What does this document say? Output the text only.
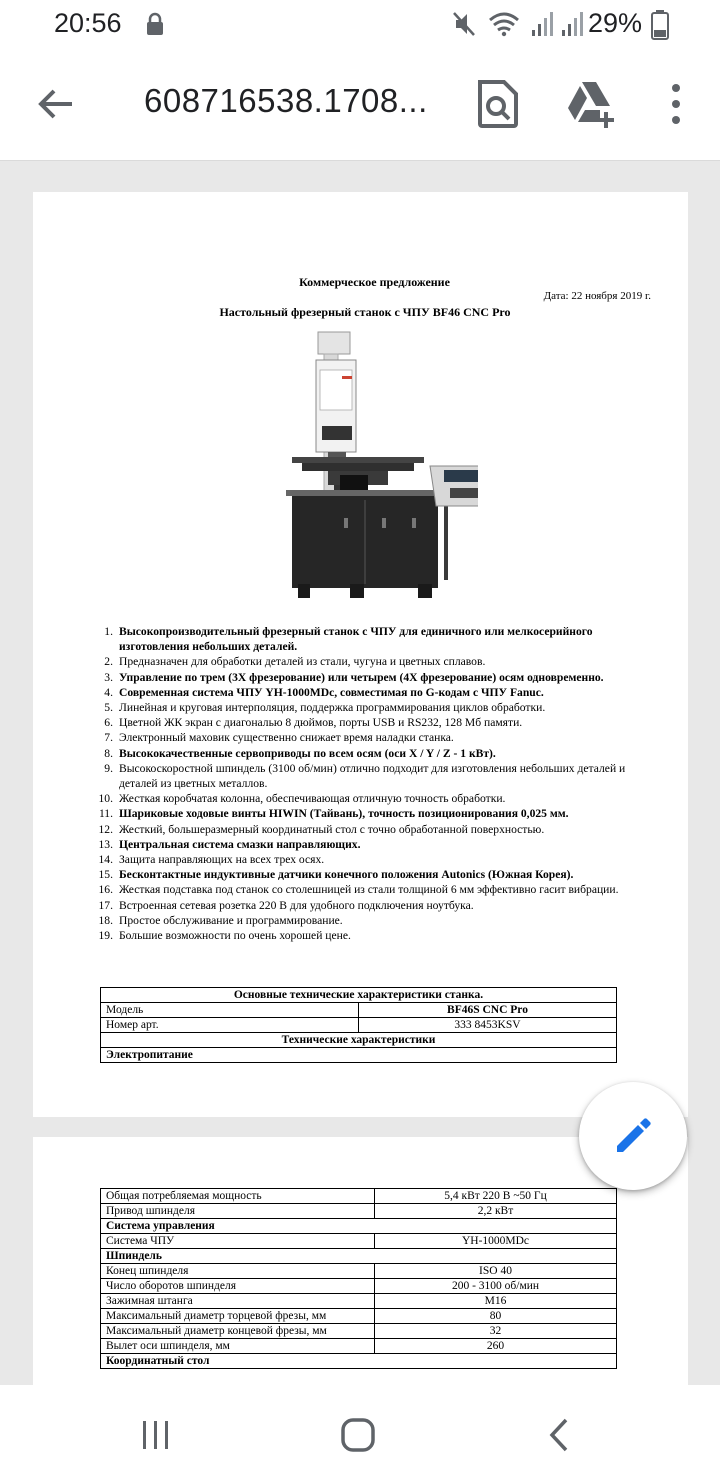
20:56	29%
608716538.1708...
Коммерческое предложение
Дата: 22 ноября 2019 г.
Настольный фрезерный станок с ЧПУ BF46 CNC Pro
1. Высокопроизводительный фрезерный станок с ЧПУ для единичного или мелкосерийного изготовления небольших деталей.
2. Предназначен для обработки деталей из стали, чугуна и цветных сплавов.
3. Управление по трем (3X фрезерование) или четырем (4X фрезерование) осям одновременно.
4. Современная система ЧПУ YH-1000MDc, совместимая по G-кодам с ЧПУ Fanuc.
5. Линейная и круговая интерполяция, поддержка программирования циклов обработки.
6. Цветной ЖК экран с диагональю 8 дюймов, порты USB и RS232, 128 Мб памяти.
7. Электронный маховик существенно снижает время наладки станка.
8. Высококачественные сервоприводы по всем осям (оси X / Y / Z - 1 кВт).
9. Высокоскоростной шпиндель (3100 об/мин) отлично подходит для изготовления небольших деталей и деталей из цветных металлов.
10. Жесткая коробчатая колонна, обеспечивающая отличную точность обработки.
11. Шариковые ходовые винты HIWIN (Тайвань), точность позиционирования 0,025 мм.
12. Жесткий, большеразмерный координатный стол с точно обработанной поверхностью.
13. Центральная система смазки направляющих.
14. Защита направляющих на всех трех осях.
15. Бесконтактные индуктивные датчики конечного положения Autonics (Южная Корея).
16. Жесткая подставка под станок со столешницей из стали толщиной 6 мм эффективно гасит вибрации.
17. Встроенная сетевая розетка 220 В для удобного подключения ноутбука.
18. Простое обслуживание и программирование.
19. Большие возможности по очень хорошей цене.
Основные технические характеристики станка.	
Модель	BF46S CNC Pro
Номер арт.	333 8453KSV
Технические характеристики	
Электропитание	
Общая потребляемая мощность	5,4 кВт 220 В ~50 Гц
Привод шпинделя	2,2 кВт
Система управления	
Система ЧПУ	YH-1000MDc
Шпиндель	
Конец шпинделя	ISO 40
Число оборотов шпинделя	200 - 3100 об/мин
Зажимная штанга	M16
Максимальный диаметр торцевой фрезы, мм	80
Максимальный диаметр концевой фрезы, мм	32
Вылет оси шпинделя, мм	260
Координатный стол	
